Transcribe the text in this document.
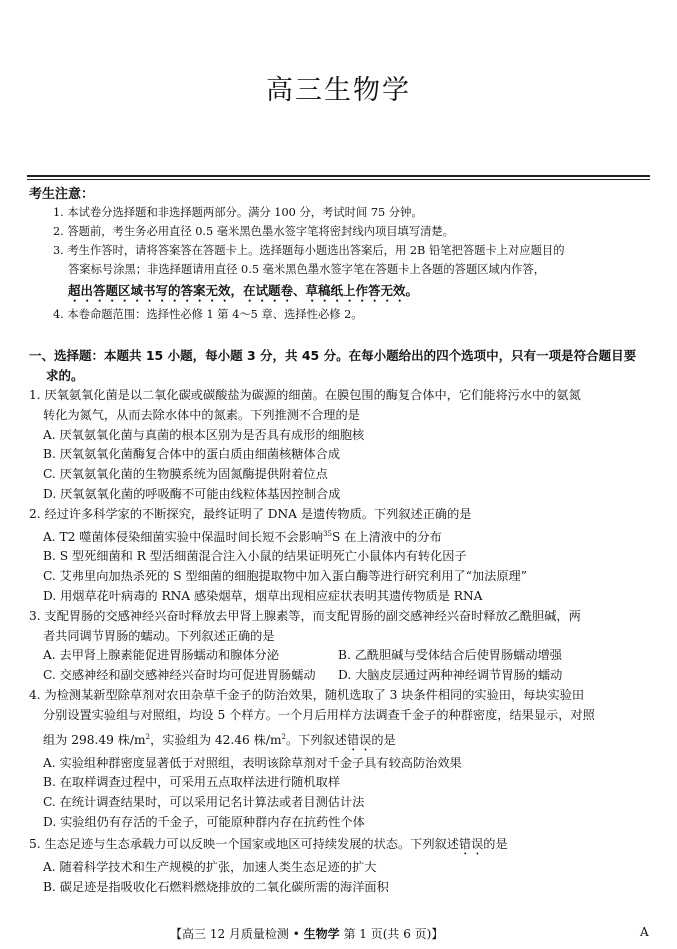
高三生物学
考生注意：
1. 本试卷分选择题和非选择题两部分。满分 100 分，考试时间 75 分钟。
2. 答题前，考生务必用直径 0.5 毫米黑色墨水签字笔将密封线内项目填写清楚。
3. 考生作答时，请将答案答在答题卡上。选择题每小题选出答案后，用 2B 铅笔把答题卡上对应题目的
答案标号涂黑；非选择题请用直径 0.5 毫米黑色墨水签字笔在答题卡上各题的答题区域内作答，
超出答题区域书写的答案无效，在试题卷、草稿纸上作答无效。
4. 本卷命题范围：选择性必修 1 第 4～5 章、选择性必修 2。
一、选择题：本题共 15 小题，每小题 3 分，共 45 分。在每小题给出的四个选项中，只有一项是符合题目要
求的。
1. 厌氧氨氧化菌是以二氧化碳或碳酸盐为碳源的细菌。在膜包围的酶复合体中，它们能将污水中的氨氮
转化为氮气，从而去除水体中的氮素。下列推测不合理的是
A. 厌氧氨氧化菌与真菌的根本区别为是否具有成形的细胞核
B. 厌氧氨氧化菌酶复合体中的蛋白质由细菌核糖体合成
C. 厌氧氨氧化菌的生物膜系统为固氮酶提供附着位点
D. 厌氧氨氧化菌的呼吸酶不可能由线粒体基因控制合成
2. 经过许多科学家的不断探究，最终证明了 DNA 是遗传物质。下列叙述正确的是
A. T2 噬菌体侵染细菌实验中保温时间长短不会影响$^{35}$S 在上清液中的分布
B. S 型死细菌和 R 型活细菌混合注入小鼠的结果证明死亡小鼠体内有转化因子
C. 艾弗里向加热杀死的 S 型细菌的细胞提取物中加入蛋白酶等进行研究利用了“加法原理”
D. 用烟草花叶病毒的 RNA 感染烟草，烟草出现相应症状表明其遗传物质是 RNA
3. 支配胃肠的交感神经兴奋时释放去甲肾上腺素等，而支配胃肠的副交感神经兴奋时释放乙酰胆碱，两
者共同调节胃肠的蠕动。下列叙述正确的是
A. 去甲肾上腺素能促进胃肠蠕动和腺体分泌	B. 乙酰胆碱与受体结合后使胃肠蠕动增强
C. 交感神经和副交感神经兴奋时均可促进胃肠蠕动	D. 大脑皮层通过两种神经调节胃肠的蠕动
4. 为检测某新型除草剂对农田杂草千金子的防治效果，随机选取了 3 块条件相同的实验田，每块实验田
分别设置实验组与对照组，均设 5 个样方。一个月后用样方法调查千金子的种群密度，结果显示，对照
组为 298.49 株$/m^2$，实验组为 42.46 株$/m^2$。下列叙述错误的是
A. 实验组种群密度显著低于对照组，表明该除草剂对千金子具有较高防治效果
B. 在取样调查过程中，可采用五点取样法进行随机取样
C. 在统计调查结果时，可以采用记名计算法或者目测估计法
D. 实验组仍有存活的千金子，可能原种群内存在抗药性个体
5. 生态足迹与生态承载力可以反映一个国家或地区可持续发展的状态。下列叙述错误的是
A. 随着科学技术和生产规模的扩张，加速人类生态足迹的扩大
B. 碳足迹是指吸收化石燃料燃烧排放的二氧化碳所需的海洋面积
【高三 12 月质量检测 • 生物学 第 1 页(共 6 页)】	A
